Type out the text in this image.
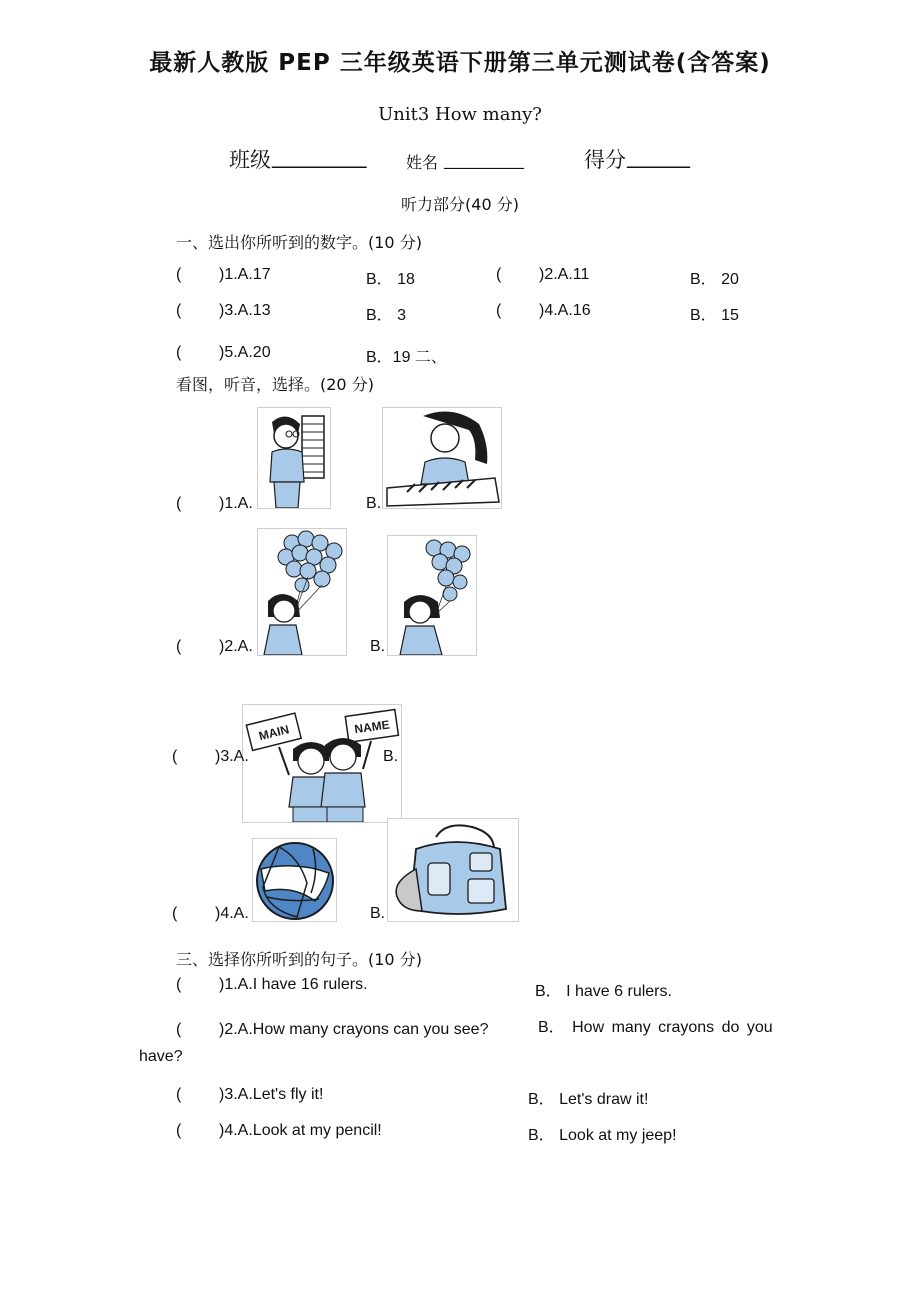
最新人教版 PEP 三年级英语下册第三单元测试卷(含答案)
Unit3 How many?
班级 _________ 姓名 __________	得分 ______
听力部分(40 分)
一、选出你所听到的数字。(10 分)
( )1.A.17	B． 18	( )2.A.11	B． 20
( )3.A.13	B． 3	( )4.A.16	B． 15
( )5.A.20	B．19 二、
看图，听音，选择。(20 分)
( )1.A.	B.
( )2.A.	B.
MAIN	NAME
( )3.A.	B.
( )4.A.	B.
三、选择你所听到的句子。(10 分)
( )1.A.I have 16 rulers.	B． I have 6 rulers.
( )2.A.How many crayons can you see?	B． How many crayons do you
have?
( )3.A.Let's fly it!	B． Let's draw it!
( )4.A.Look at my pencil!	B． Look at my jeep!
